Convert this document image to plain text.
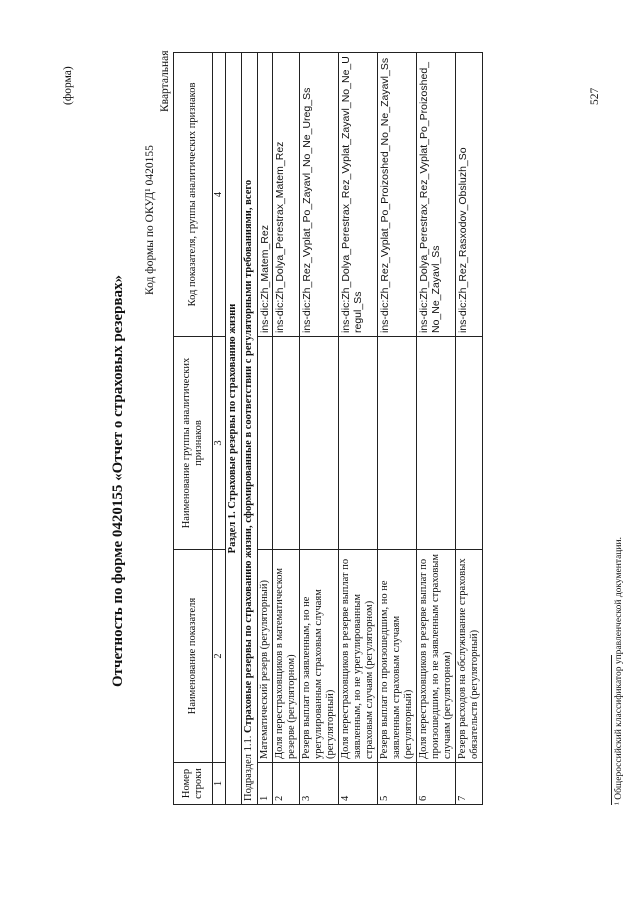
(форма)
Отчетность по форме 0420155 «Отчет о страховых резервах»
Код формы по ОКУД¹ 0420155
Квартальная
Номер строки	Наименование показателя	Наименование группы аналитических признаков	Код показателя, группы аналитических признаков
1	2	3	4
Раздел 1. Страховые резервы по страхованию жизни			
Подраздел 1.1. Страховые резервы по страхованию жизни, сформированные в соответствии с регуляторными требованиями, всего			
1	Математический резерв (регуляторный)		ins-dic:Zh_Matem_Rez
2	Доля перестраховщиков в математическом резерве (регуляторном)		ins-dic:Zh_Dolya_Perestrax_Matem_Rez
3	Резерв выплат по заявленным, но не урегулированным страховым случаям (регуляторный)		ins-dic:Zh_Rez_Vyplat_Po_Zayavl_No_Ne_Ureg_Ss
4	Доля перестраховщиков в резерве выплат по заявленным, но не урегулированным страховым случаям (регуляторном)		ins-dic:Zh_Dolya_Perestrax_Rez_Vyplat_Zayavl_No_Ne_Uregul_Ss
5	Резерв выплат по произошедшим, но не заявленным страховым случаям (регуляторный)		ins-dic:Zh_Rez_Vyplat_Po_Proizoshed_No_Ne_Zayavl_Ss
6	Доля перестраховщиков в резерве выплат по произошедшим, но не заявленным страховым случаям (регуляторном)		ins-dic:Zh_Dolya_Perestrax_Rez_Vyplat_Po_Proizoshed_No_Ne_Zayavl_Ss
7	Резерв расходов на обслуживание страховых обязательств (регуляторный)		ins-dic:Zh_Rez_Rasxodov_Obsluzh_So
¹ Общероссийский классификатор управленческой документации.
527
